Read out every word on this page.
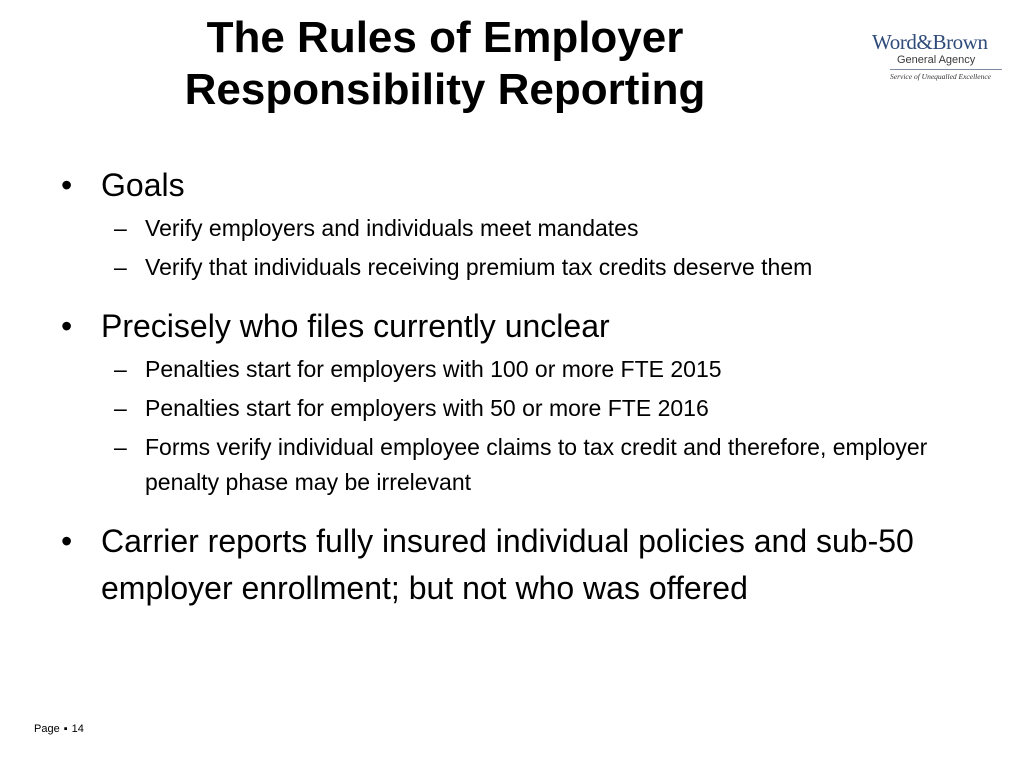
The Rules of Employer
Responsibility Reporting
Word&Brown
General Agency
Service of Unequalled Excellence
• Goals
– Verify employers and individuals meet mandates
– Verify that individuals receiving premium tax credits deserve them
• Precisely who files currently unclear
– Penalties start for employers with 100 or more FTE 2015
– Penalties start for employers with 50 or more FTE 2016
– Forms verify individual employee claims to tax credit and therefore, employer penalty phase may be irrelevant
• Carrier reports fully insured individual policies and sub-50 employer enrollment; but not who was offered
Page ▪ 14
